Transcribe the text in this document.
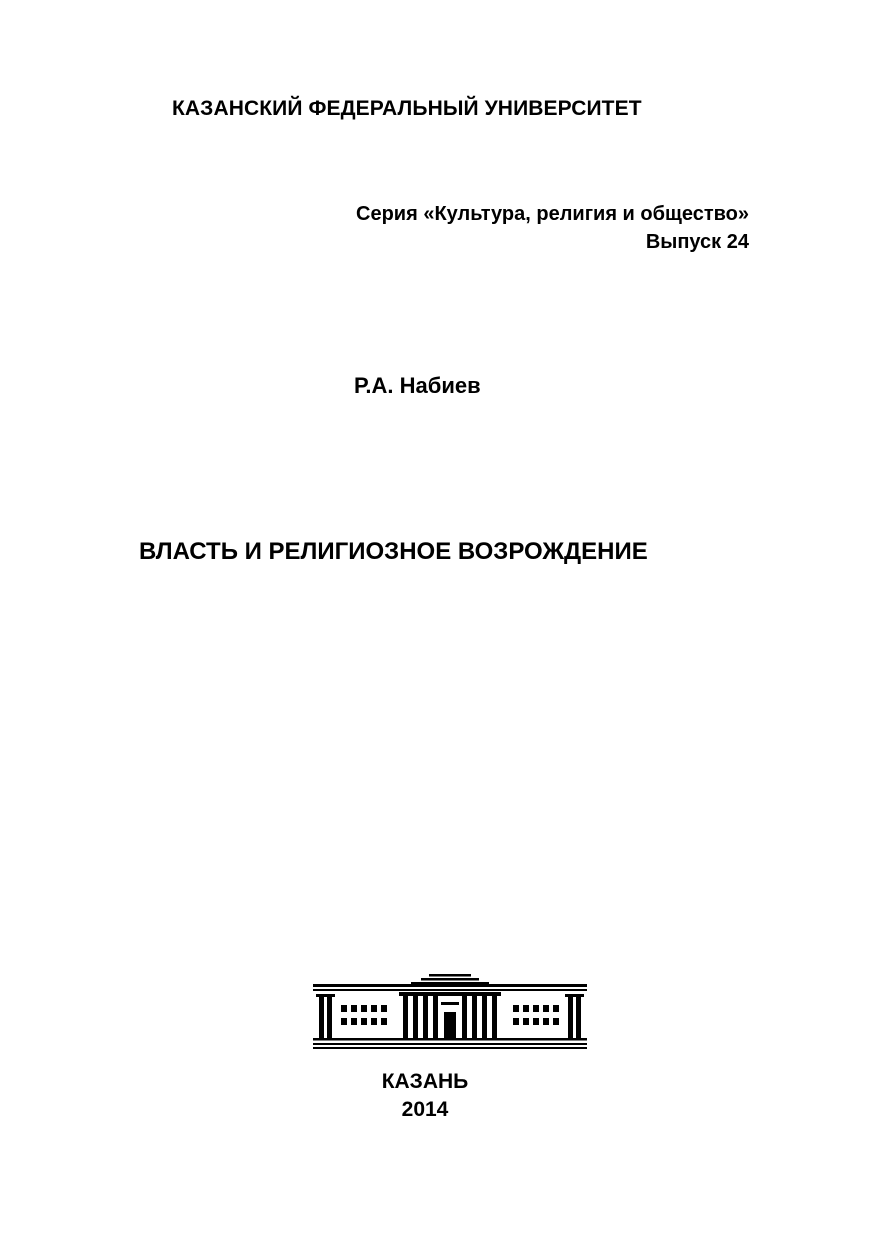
КАЗАНСКИЙ ФЕДЕРАЛЬНЫЙ УНИВЕРСИТЕТ
Серия «Культура, религия и общество»
Выпуск 24
Р.А. Набиев
ВЛАСТЬ И РЕЛИГИОЗНОЕ ВОЗРОЖДЕНИЕ
КАЗАНЬ
2014
